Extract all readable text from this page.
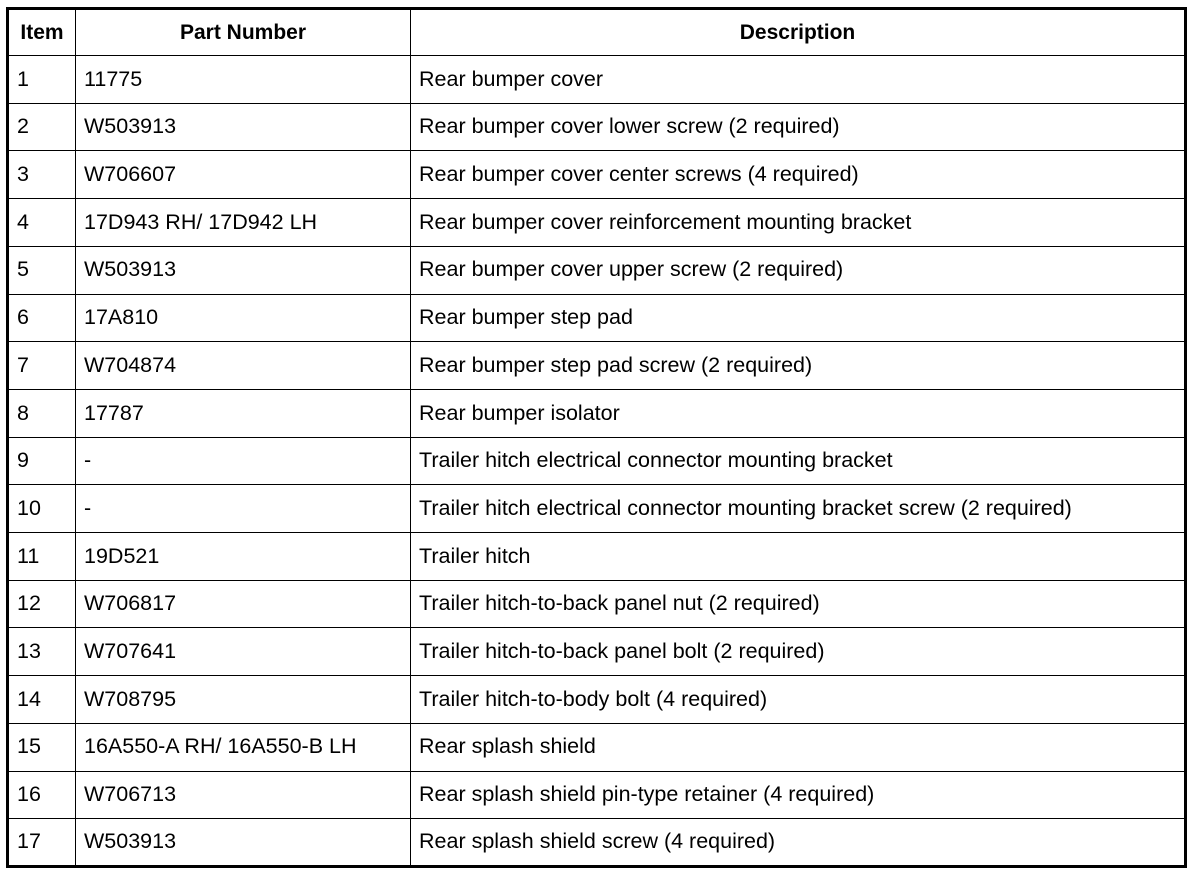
Item	Part Number	Description
1	11775	Rear bumper cover
2	W503913	Rear bumper cover lower screw (2 required)
3	W706607	Rear bumper cover center screws (4 required)
4	17D943 RH/ 17D942 LH	Rear bumper cover reinforcement mounting bracket
5	W503913	Rear bumper cover upper screw (2 required)
6	17A810	Rear bumper step pad
7	W704874	Rear bumper step pad screw (2 required)
8	17787	Rear bumper isolator
9	-	Trailer hitch electrical connector mounting bracket
10	-	Trailer hitch electrical connector mounting bracket screw (2 required)
11	19D521	Trailer hitch
12	W706817	Trailer hitch-to-back panel nut (2 required)
13	W707641	Trailer hitch-to-back panel bolt (2 required)
14	W708795	Trailer hitch-to-body bolt (4 required)
15	16A550-A RH/ 16A550-B LH	Rear splash shield
16	W706713	Rear splash shield pin-type retainer (4 required)
17	W503913	Rear splash shield screw (4 required)
